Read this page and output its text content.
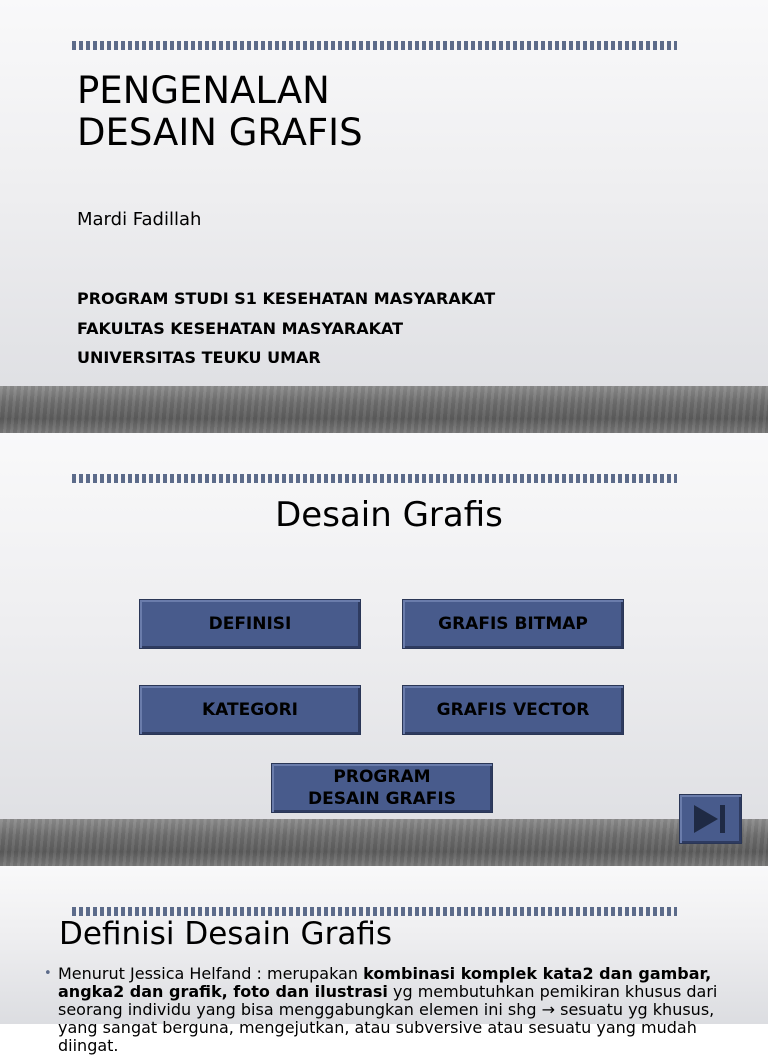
PENGENALAN
DESAIN GRAFIS
Mardi Fadillah
PROGRAM STUDI S1 KESEHATAN MASYARAKAT
FAKULTAS KESEHATAN MASYARAKAT
UNIVERSITAS TEUKU UMAR
Desain Grafis
DEFINISI	GRAFIS BITMAP
KATEGORI	GRAFIS VECTOR
PROGRAM
DESAIN GRAFIS
Definisi Desain Grafis
• Menurut Jessica Helfand : merupakan kombinasi komplek kata2 dan gambar, angka2 dan grafik, foto dan ilustrasi yg membutuhkan pemikiran khusus dari seorang individu yang bisa menggabungkan elemen ini shg → sesuatu yg khusus, yang sangat berguna, mengejutkan, atau subversive atau sesuatu yang mudah diingat.
